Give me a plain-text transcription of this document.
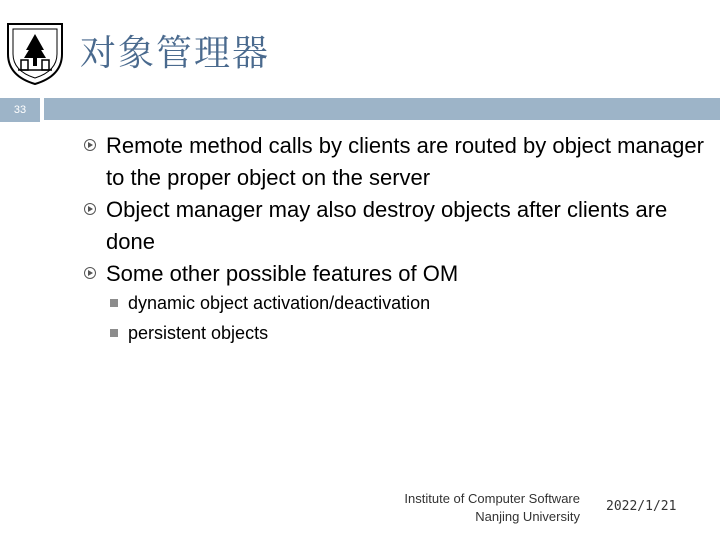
对象管理器
33
Remote method calls by clients are routed by object manager to the proper object on the server
Object manager may also destroy objects after clients are done
Some other possible features of OM
dynamic object activation/deactivation
persistent objects
Institute of Computer Software
Nanjing University
2022/1/21
